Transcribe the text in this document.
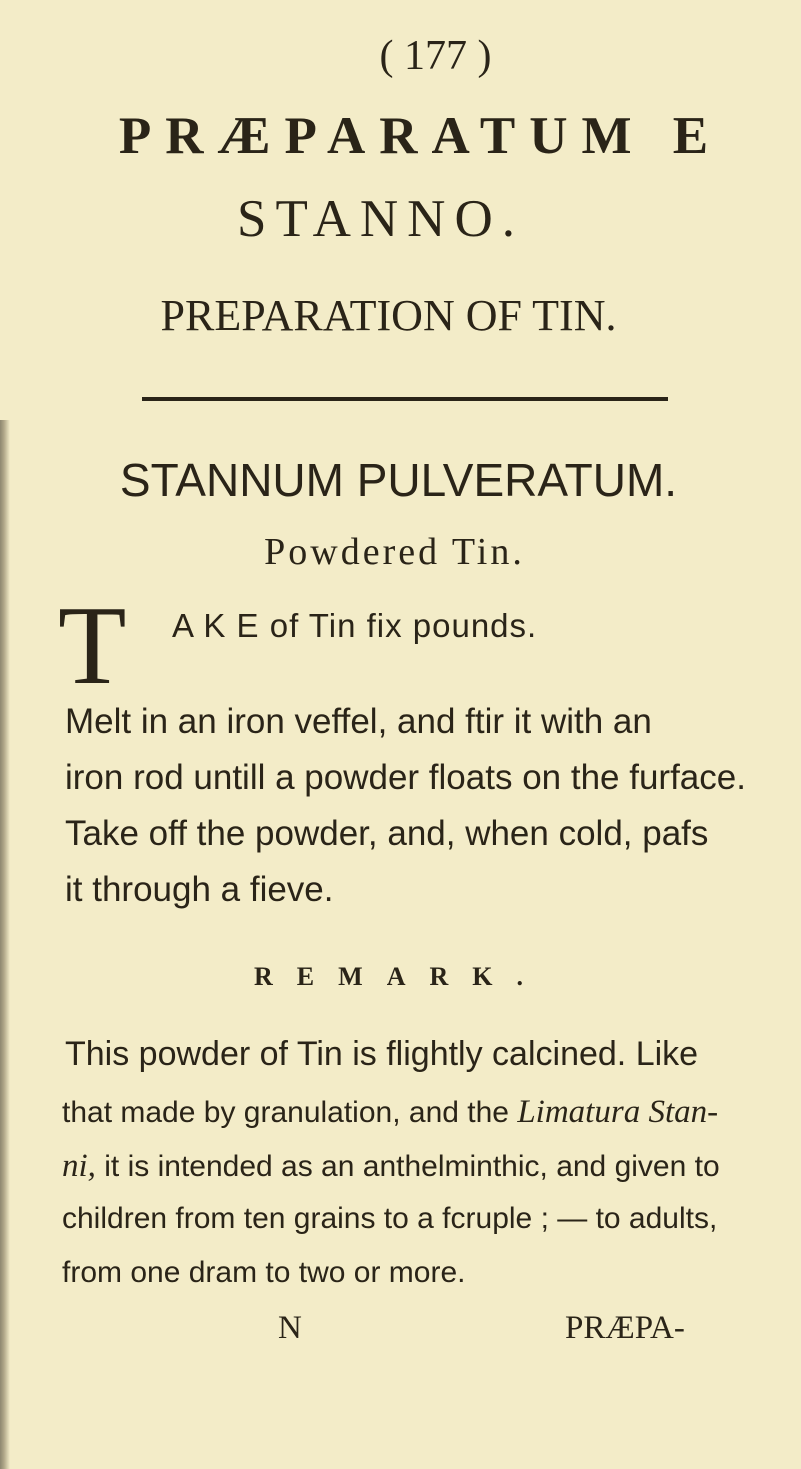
( 177 )
PRÆPARATUM E
STANNO.
PREPARATION OF TIN.
STANNUM PULVERATUM.
Powdered Tin.
T A K E of Tin fix pounds.
Melt in an iron veffel, and ftir it with an
iron rod untill a powder floats on the furface.
Take off the powder, and, when cold, pafs
it through a fieve.
REMARK.
This powder of Tin is flightly calcined. Like
that made by granulation, and the Limatura Stan-
ni, it is intended as an anthelminthic, and given to
children from ten grains to a fcruple ; — to adults,
from one dram to two or more.
N	PRÆPA-
